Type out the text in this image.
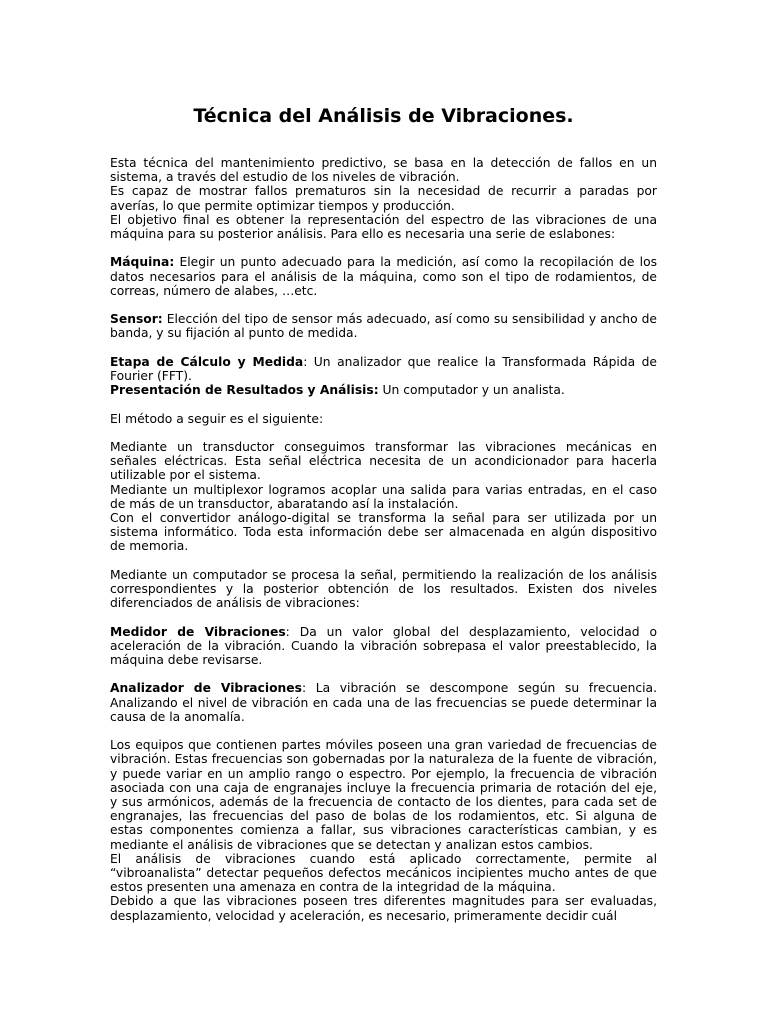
Técnica del Análisis de Vibraciones.

Esta técnica del mantenimiento predictivo, se basa en la detección de fallos en un sistema, a través del estudio de los niveles de vibración.

Es capaz de mostrar fallos prematuros sin la necesidad de recurrir a paradas por averías, lo que permite optimizar tiempos y producción.

El objetivo final es obtener la representación del espectro de las vibraciones de una máquina para su posterior análisis. Para ello es necesaria una serie de eslabones:

Máquina: Elegir un punto adecuado para la medición, así como la recopilación de los datos necesarios para el análisis de la máquina, como son el tipo de rodamientos, de correas, número de alabes, …etc.

Sensor: Elección del tipo de sensor más adecuado, así como su sensibilidad y ancho de banda, y su fijación al punto de medida.

Etapa de Cálculo y Medida: Un analizador que realice la Transformada Rápida de Fourier (FFT).

Presentación de Resultados y Análisis: Un computador y un analista.

El método a seguir es el siguiente:

Mediante un transductor conseguimos transformar las vibraciones mecánicas en señales eléctricas. Esta señal eléctrica necesita de un acondicionador para hacerla utilizable por el sistema.

Mediante un multiplexor logramos acoplar una salida para varias entradas, en el caso de más de un transductor, abaratando así la instalación.

Con el convertidor análogo-digital se transforma la señal para ser utilizada por un sistema informático. Toda esta información debe ser almacenada en algún dispositivo de memoria.

Mediante un computador se procesa la señal, permitiendo la realización de los análisis correspondientes y la posterior obtención de los resultados. Existen dos niveles diferenciados de análisis de vibraciones:

Medidor de Vibraciones: Da un valor global del desplazamiento, velocidad o aceleración de la vibración. Cuando la vibración sobrepasa el valor preestablecido, la máquina debe revisarse.

Analizador de Vibraciones: La vibración se descompone según su frecuencia. Analizando el nivel de vibración en cada una de las frecuencias se puede determinar la causa de la anomalía.

Los equipos que contienen partes móviles poseen una gran variedad de frecuencias de vibración. Estas frecuencias son gobernadas por la naturaleza de la fuente de vibración, y puede variar en un amplio rango o espectro. Por ejemplo, la frecuencia de vibración asociada con una caja de engranajes incluye la frecuencia primaria de rotación del eje, y sus armónicos, además de la frecuencia de contacto de los dientes, para cada set de engranajes, las frecuencias del paso de bolas de los rodamientos, etc. Si alguna de estas componentes comienza a fallar, sus vibraciones características cambian, y es mediante el análisis de vibraciones que se detectan y analizan estos cambios.

El análisis de vibraciones cuando está aplicado correctamente, permite al “vibroanalista” detectar pequeños defectos mecánicos incipientes mucho antes de que estos presenten una amenaza en contra de la integridad de la máquina.

Debido a que las vibraciones poseen tres diferentes magnitudes para ser evaluadas, desplazamiento, velocidad y aceleración, es necesario, primeramente decidir cuál
